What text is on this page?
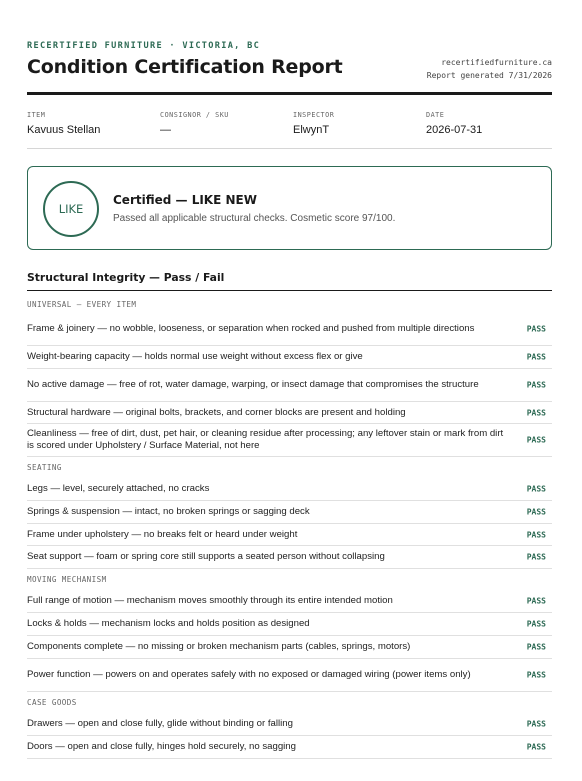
RECERTIFIED FURNITURE · VICTORIA, BC
Condition Certification Report	recertifiedfurniture.ca
Report generated 7/31/2026
ITEM
Kavuus Stellan
CONSIGNOR / SKU
—
INSPECTOR
ElwynT
DATE
2026-07-31
LIKE
Certified — LIKE NEW
Passed all applicable structural checks. Cosmetic score 97/100.
Structural Integrity — Pass / Fail
UNIVERSAL — EVERY ITEM
Frame & joinery — no wobble, looseness, or separation when rocked and pushed from multiple directions	PASS
Weight-bearing capacity — holds normal use weight without excess flex or give	PASS
No active damage — free of rot, water damage, warping, or insect damage that compromises the structure	PASS
Structural hardware — original bolts, brackets, and corner blocks are present and holding	PASS
Cleanliness — free of dirt, dust, pet hair, or cleaning residue after processing; any leftover stain or mark from dirt is scored under Upholstery / Surface Material, not here	PASS
SEATING
Legs — level, securely attached, no cracks	PASS
Springs & suspension — intact, no broken springs or sagging deck	PASS
Frame under upholstery — no breaks felt or heard under weight	PASS
Seat support — foam or spring core still supports a seated person without collapsing	PASS
MOVING MECHANISM
Full range of motion — mechanism moves smoothly through its entire intended motion	PASS
Locks & holds — mechanism locks and holds position as designed	PASS
Components complete — no missing or broken mechanism parts (cables, springs, motors)	PASS
Power function — powers on and operates safely with no exposed or damaged wiring (power items only)	PASS
CASE GOODS
Drawers — open and close fully, glide without binding or falling	PASS
Doors — open and close fully, hinges hold securely, no sagging	PASS
